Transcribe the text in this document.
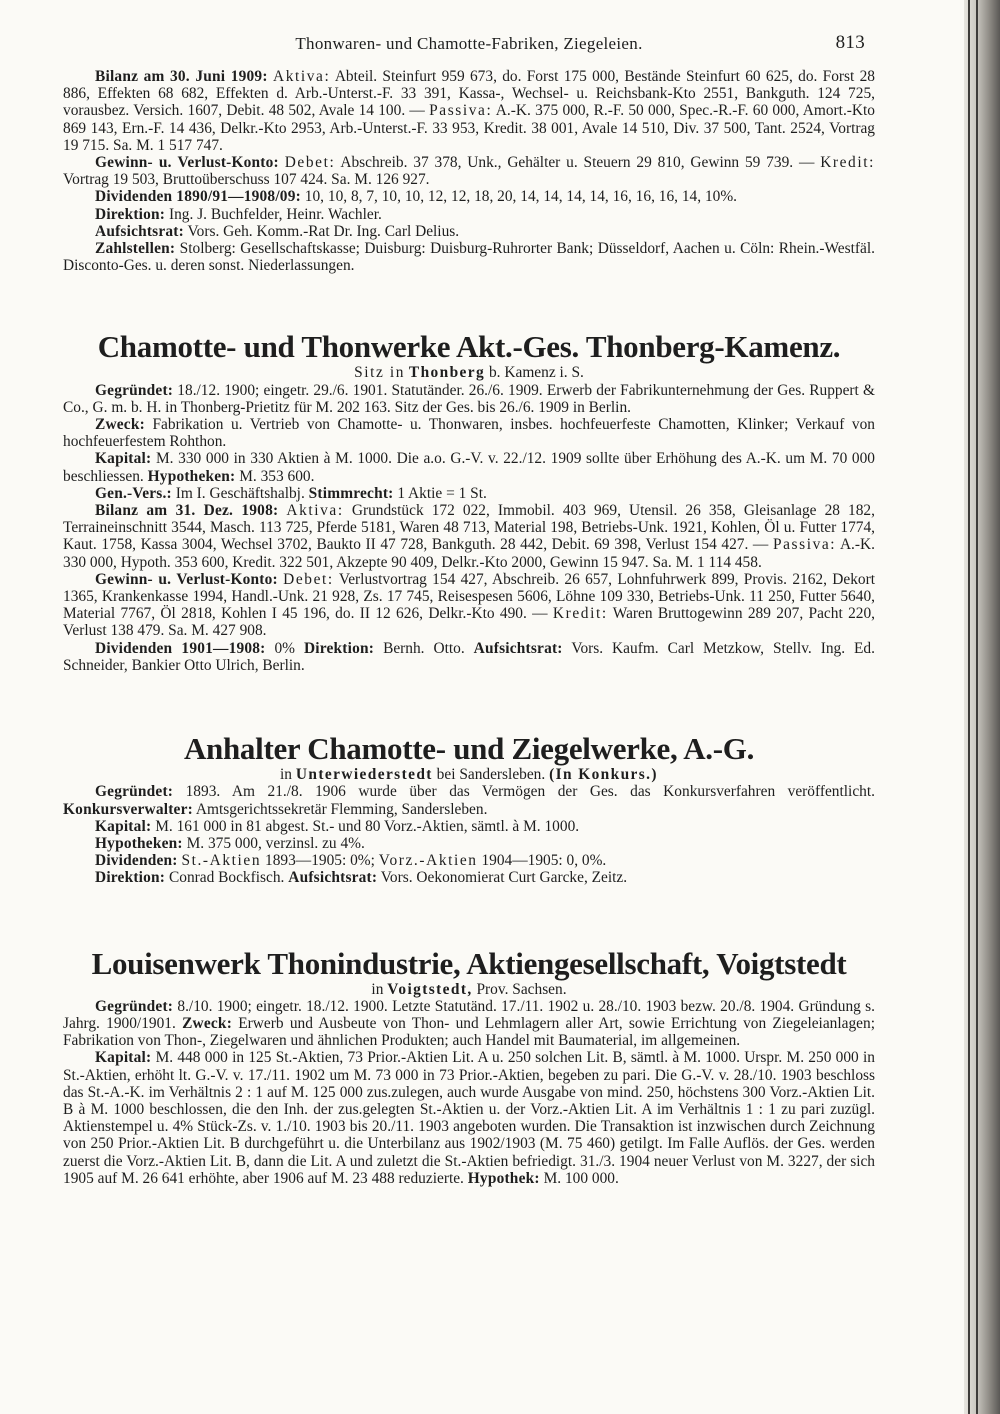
Thonwaren- und Chamotte-Fabriken, Ziegeleien.	813

Bilanz am 30. Juni 1909: Aktiva: Abteil. Steinfurt 959 673, do. Forst 175 000, Bestände Steinfurt 60 625, do. Forst 28 886, Effekten 68 682, Effekten d. Arb.-Unterst.-F. 33 391, Kassa-, Wechsel- u. Reichsbank-Kto 2551, Bankguth. 124 725, vorausbez. Versich. 1607, Debit. 48 502, Avale 14 100. — Passiva: A.-K. 375 000, R.-F. 50 000, Spec.-R.-F. 60 000, Amort.-Kto 869 143, Ern.-F. 14 436, Delkr.-Kto 2953, Arb.-Unterst.-F. 33 953, Kredit. 38 001, Avale 14 510, Div. 37 500, Tant. 2524, Vortrag 19 715. Sa. M. 1 517 747.

Gewinn- u. Verlust-Konto: Debet: Abschreib. 37 378, Unk., Gehälter u. Steuern 29 810, Gewinn 59 739. — Kredit: Vortrag 19 503, Bruttoüberschuss 107 424. Sa. M. 126 927.

Dividenden 1890/91—1908/09: 10, 10, 8, 7, 10, 10, 12, 12, 18, 20, 14, 14, 14, 14, 16, 16, 16, 14, 10%.

Direktion: Ing. J. Buchfelder, Heinr. Wachler.

Aufsichtsrat: Vors. Geh. Komm.-Rat Dr. Ing. Carl Delius.

Zahlstellen: Stolberg: Gesellschaftskasse; Duisburg: Duisburg-Ruhrorter Bank; Düsseldorf, Aachen u. Cöln: Rhein.-Westfäl. Disconto-Ges. u. deren sonst. Niederlassungen.

Chamotte- und Thonwerke Akt.-Ges. Thonberg-Kamenz.

Sitz in Thonberg b. Kamenz i. S.

Gegründet: 18./12. 1900; eingetr. 29./6. 1901. Statutänder. 26./6. 1909. Erwerb der Fabrikunternehmung der Ges. Ruppert & Co., G. m. b. H. in Thonberg-Prietitz für M. 202 163. Sitz der Ges. bis 26./6. 1909 in Berlin.

Zweck: Fabrikation u. Vertrieb von Chamotte- u. Thonwaren, insbes. hochfeuerfeste Chamotten, Klinker; Verkauf von hochfeuerfestem Rohthon.

Kapital: M. 330 000 in 330 Aktien à M. 1000. Die a.o. G.-V. v. 22./12. 1909 sollte über Erhöhung des A.-K. um M. 70 000 beschliessen. Hypotheken: M. 353 600.

Gen.-Vers.: Im I. Geschäftshalbj. Stimmrecht: 1 Aktie = 1 St.

Bilanz am 31. Dez. 1908: Aktiva: Grundstück 172 022, Immobil. 403 969, Utensil. 26 358, Gleisanlage 28 182, Terraineinschnitt 3544, Masch. 113 725, Pferde 5181, Waren 48 713, Material 198, Betriebs-Unk. 1921, Kohlen, Öl u. Futter 1774, Kaut. 1758, Kassa 3004, Wechsel 3702, Baukto II 47 728, Bankguth. 28 442, Debit. 69 398, Verlust 154 427. — Passiva: A.-K. 330 000, Hypoth. 353 600, Kredit. 322 501, Akzepte 90 409, Delkr.-Kto 2000, Gewinn 15 947. Sa. M. 1 114 458.

Gewinn- u. Verlust-Konto: Debet: Verlustvortrag 154 427, Abschreib. 26 657, Lohnfuhrwerk 899, Provis. 2162, Dekort 1365, Krankenkasse 1994, Handl.-Unk. 21 928, Zs. 17 745, Reisespesen 5606, Löhne 109 330, Betriebs-Unk. 11 250, Futter 5640, Material 7767, Öl 2818, Kohlen I 45 196, do. II 12 626, Delkr.-Kto 490. — Kredit: Waren Bruttogewinn 289 207, Pacht 220, Verlust 138 479. Sa. M. 427 908.

Dividenden 1901—1908: 0% Direktion: Bernh. Otto. Aufsichtsrat: Vors. Kaufm. Carl Metzkow, Stellv. Ing. Ed. Schneider, Bankier Otto Ulrich, Berlin.

Anhalter Chamotte- und Ziegelwerke, A.-G.

in Unterwiederstedt bei Sandersleben. (In Konkurs.)

Gegründet: 1893. Am 21./8. 1906 wurde über das Vermögen der Ges. das Konkursverfahren veröffentlicht. Konkursverwalter: Amtsgerichtssekretär Flemming, Sandersleben.

Kapital: M. 161 000 in 81 abgest. St.- und 80 Vorz.-Aktien, sämtl. à M. 1000.

Hypotheken: M. 375 000, verzinsl. zu 4%.

Dividenden: St.-Aktien 1893—1905: 0%; Vorz.-Aktien 1904—1905: 0, 0%.

Direktion: Conrad Bockfisch. Aufsichtsrat: Vors. Oekonomierat Curt Garcke, Zeitz.

Louisenwerk Thonindustrie, Aktiengesellschaft, Voigtstedt

in Voigtstedt, Prov. Sachsen.

Gegründet: 8./10. 1900; eingetr. 18./12. 1900. Letzte Statutänd. 17./11. 1902 u. 28./10. 1903 bezw. 20./8. 1904. Gründung s. Jahrg. 1900/1901. Zweck: Erwerb und Ausbeute von Thon- und Lehmlagern aller Art, sowie Errichtung von Ziegeleianlagen; Fabrikation von Thon-, Ziegelwaren und ähnlichen Produkten; auch Handel mit Baumaterial, im allgemeinen.

Kapital: M. 448 000 in 125 St.-Aktien, 73 Prior.-Aktien Lit. A u. 250 solchen Lit. B, sämtl. à M. 1000. Urspr. M. 250 000 in St.-Aktien, erhöht lt. G.-V. v. 17./11. 1902 um M. 73 000 in 73 Prior.-Aktien, begeben zu pari. Die G.-V. v. 28./10. 1903 beschloss das St.-A.-K. im Verhältnis 2 : 1 auf M. 125 000 zus.zulegen, auch wurde Ausgabe von mind. 250, höchstens 300 Vorz.-Aktien Lit. B à M. 1000 beschlossen, die den Inh. der zus.gelegten St.-Aktien u. der Vorz.-Aktien Lit. A im Verhältnis 1 : 1 zu pari zuzügl. Aktienstempel u. 4% Stück-Zs. v. 1./10. 1903 bis 20./11. 1903 angeboten wurden. Die Transaktion ist inzwischen durch Zeichnung von 250 Prior.-Aktien Lit. B durchgeführt u. die Unterbilanz aus 1902/1903 (M. 75 460) getilgt. Im Falle Auflös. der Ges. werden zuerst die Vorz.-Aktien Lit. B, dann die Lit. A und zuletzt die St.-Aktien befriedigt. 31./3. 1904 neuer Verlust von M. 3227, der sich 1905 auf M. 26 641 erhöhte, aber 1906 auf M. 23 488 reduzierte. Hypothek: M. 100 000.
